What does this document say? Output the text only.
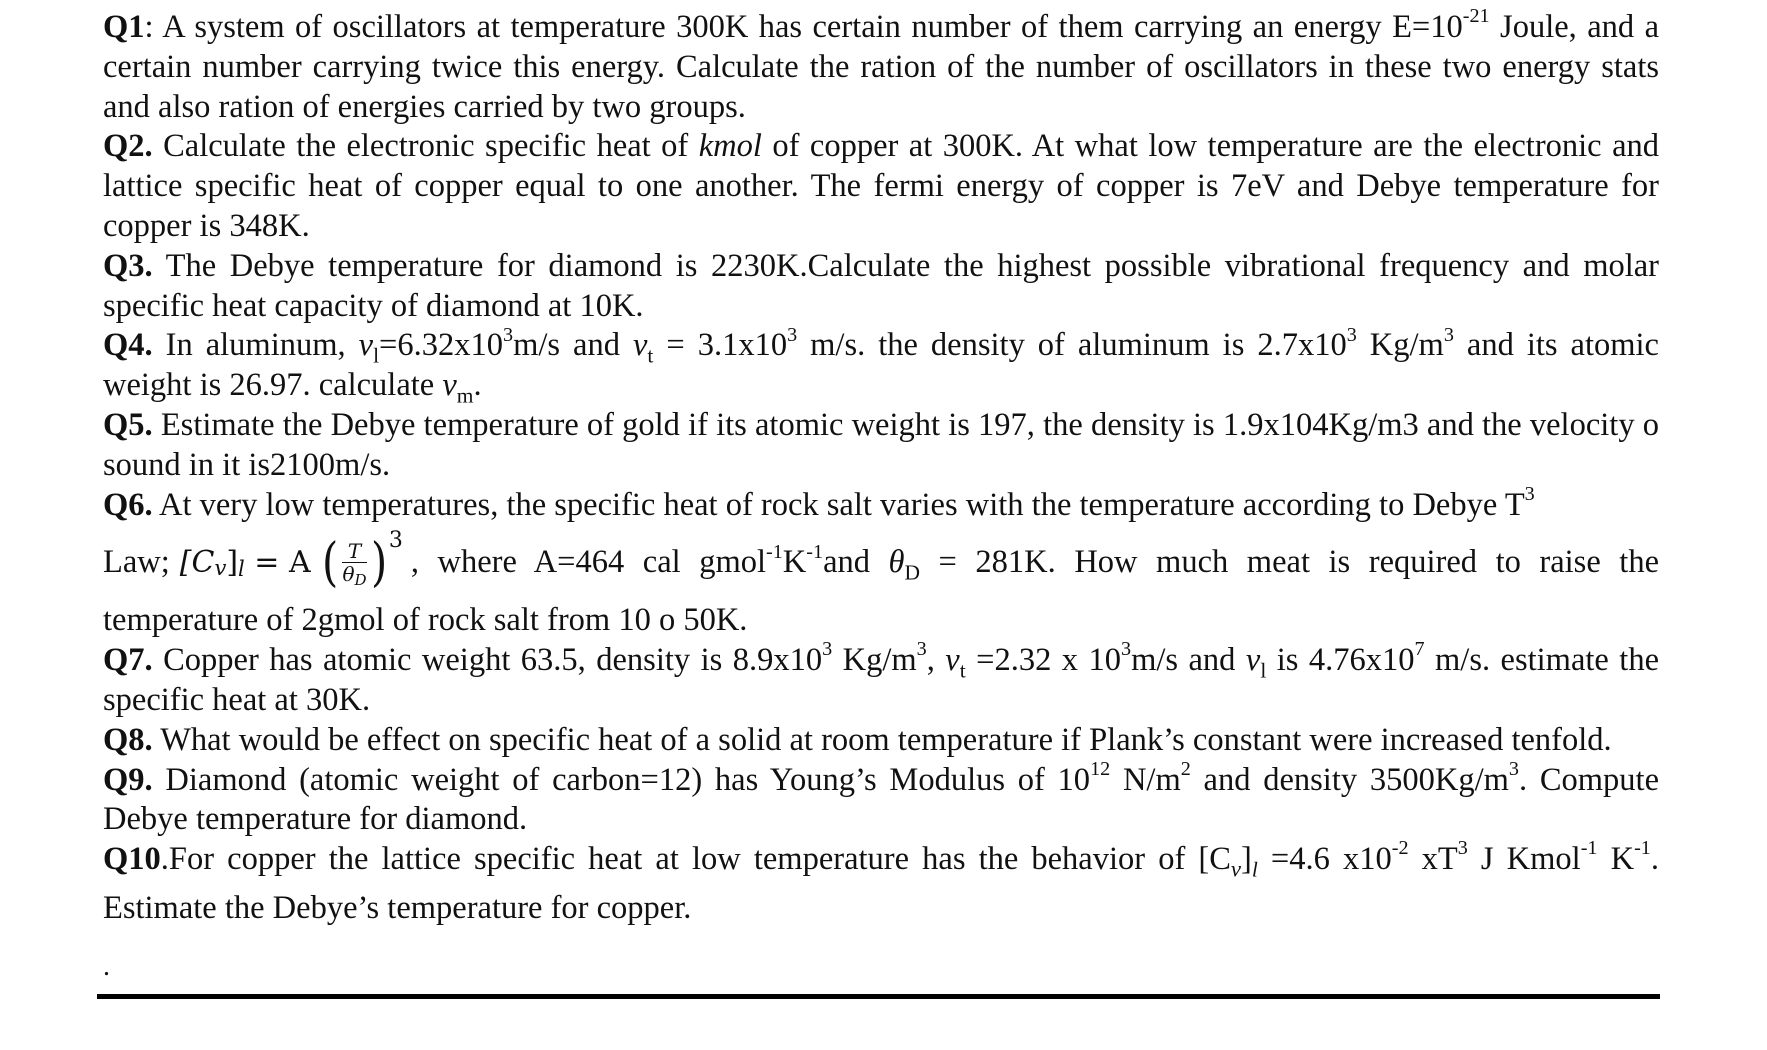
Q1: A system of oscillators at temperature 300K has certain number of them carrying an energy $E=10^{-21}$ Joule, and a certain number carrying twice this energy. Calculate the ration of the number of oscillators in these two energy stats and also ration of energies carried by two groups.

Q2. Calculate the electronic specific heat of kmol of copper at 300K. At what low temperature are the electronic and lattice specific heat of copper equal to one another. The fermi energy of copper is 7eV and Debye temperature for copper is 348K.

Q3. The Debye temperature for diamond is 2230K.Calculate the highest possible vibrational frequency and molar specific heat capacity of diamond at 10K.

Q4. In aluminum, $v_l=6.32x10^3m/s$ and $v_t = 3.1x10^3$ m/s. the density of aluminum is $2.7x10^3$ $Kg/m^3$ and its atomic weight is 26.97. calculate $v_m$.

Q5. Estimate the Debye temperature of gold if its atomic weight is 197, the density is 1.9x104Kg/m3 and the velocity o sound in it is2100m/s.

Q6. At very low temperatures, the specific heat of rock salt varies with the temperature according to Debye $T^3$

Law; [C v ] l = A ( $\frac{T}{\theta D}$ ) 3
, where A=464 cal $gmol^{-1}K^{-1}and$ $\theta_D = 281K$. How much meat is required to raise the

temperature of 2gmol of rock salt from 10 o 50K.

Q7. Copper has atomic weight 63.5, density is $8.9x10^3$ $Kg/m^3$, $v_t =2.32$ x $10^3m/s$ and $v_l$ is $4.76x10^7$ m/s. estimate the specific heat at 30K.

Q8. What would be effect on specific heat of a solid at room temperature if Plank’s constant were increased tenfold.

Q9. Diamond (atomic weight of carbon=12) has Young’s Modulus of $10^{12}$ $N/m^2$ and density $3500Kg/m^3$. Compute Debye temperature for diamond.

Q10.For copper the lattice specific heat at low temperature has the behavior of $[C_v]_l =4.6$ $x10^{-2}$ $xT^3$ J Kmol$^{-1}$ $K^{-1}$. Estimate the Debye’s temperature for copper.

.
